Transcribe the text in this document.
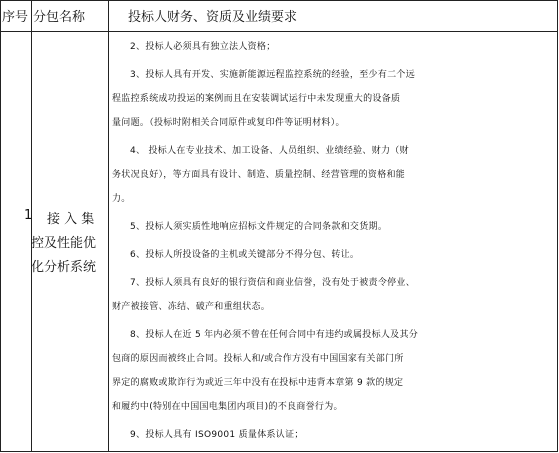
序号 分包名称	投标人财务、资质及业绩要求
1	接 入 集
控及性能优
化分析系统
2、投标人必须具有独立法人资格；
3、投标人具有开发、实施新能源远程监控系统的经验，至少有二个远
程监控系统成功投运的案例而且在安装调试运行中未发现重大的设备质
量问题。（投标时附相关合同原件或复印件等证明材料）。
4、 投标人在专业技术、加工设备、人员组织、业绩经验、财力（财
务状况良好），等方面具有设计、制造、质量控制、经营管理的资格和能
力。
5、投标人须实质性地响应招标文件规定的合同条款和交货期。
6、投标人所投设备的主机或关键部分不得分包、转让。
7、投标人须具有良好的银行资信和商业信誉，没有处于被责令停业、
财产被接管、冻结、破产和重组状态。
8、投标人在近 5 年内必须不曾在任何合同中有违约或属投标人及其分
包商的原因而被终止合同。投标人和/或合作方没有中国国家有关部门所
界定的腐败或欺诈行为或近三年中没有在投标中违背本章第 9 款的规定
和履约中(特别在中国国电集团内项目)的不良商誉行为。
9、投标人具有 ISO9001 质量体系认证；
